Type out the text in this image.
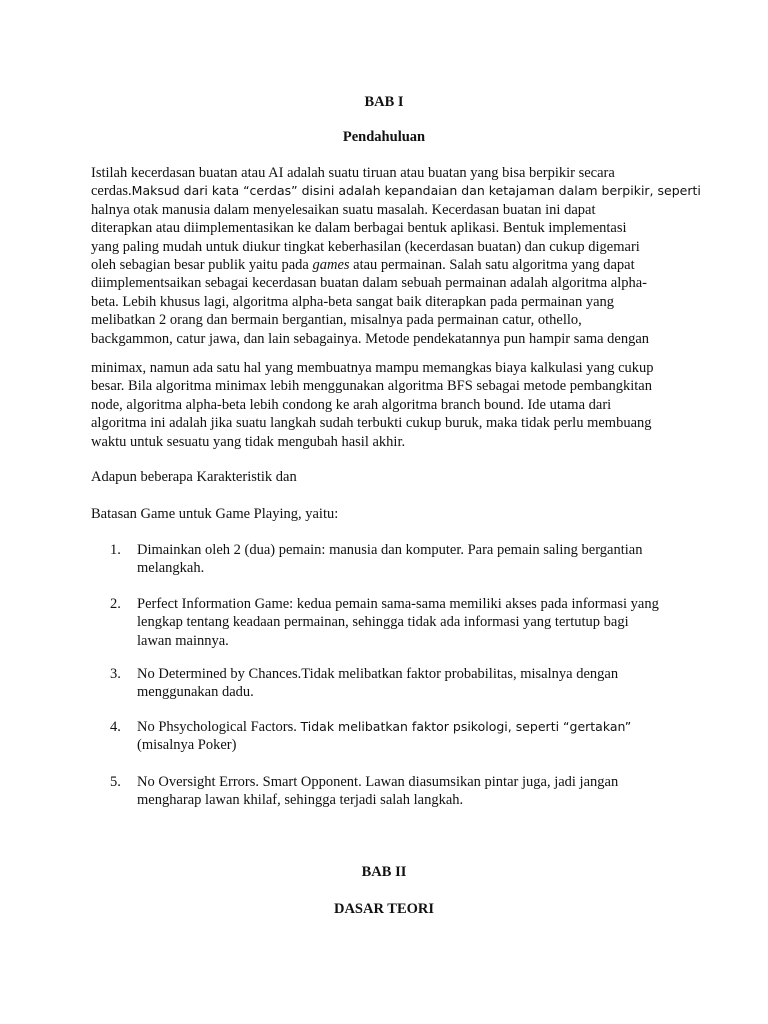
BAB I
Pendahuluan
Istilah kecerdasan buatan atau AI adalah suatu tiruan atau buatan yang bisa berpikir secara
cerdas.Maksud dari kata “cerdas” disini adalah kepandaian dan ketajaman dalam berpikir, seperti
halnya otak manusia dalam menyelesaikan suatu masalah. Kecerdasan buatan ini dapat
diterapkan atau diimplementasikan ke dalam berbagai bentuk aplikasi. Bentuk implementasi
yang paling mudah untuk diukur tingkat keberhasilan (kecerdasan buatan) dan cukup digemari
oleh sebagian besar publik yaitu pada games atau permainan. Salah satu algoritma yang dapat
diimplementsaikan sebagai kecerdasan buatan dalam sebuah permainan adalah algoritma alpha-
beta. Lebih khusus lagi, algoritma alpha-beta sangat baik diterapkan pada permainan yang
melibatkan 2 orang dan bermain bergantian, misalnya pada permainan catur, othello,
backgammon, catur jawa, dan lain sebagainya. Metode pendekatannya pun hampir sama dengan
minimax, namun ada satu hal yang membuatnya mampu memangkas biaya kalkulasi yang cukup
besar. Bila algoritma minimax lebih menggunakan algoritma BFS sebagai metode pembangkitan
node, algoritma alpha-beta lebih condong ke arah algoritma branch bound. Ide utama dari
algoritma ini adalah jika suatu langkah sudah terbukti cukup buruk, maka tidak perlu membuang
waktu untuk sesuatu yang tidak mengubah hasil akhir.

Adapun beberapa Karakteristik dan

Batasan Game untuk Game Playing, yaitu:

1.	Dimainkan oleh 2 (dua) pemain: manusia dan komputer. Para pemain saling bergantian
melangkah.
2.	Perfect Information Game: kedua pemain sama-sama memiliki akses pada informasi yang
lengkap tentang keadaan permainan, sehingga tidak ada informasi yang tertutup bagi
lawan mainnya.
3.	No Determined by Chances.Tidak melibatkan faktor probabilitas, misalnya dengan
menggunakan dadu.
4.	No Phsychological Factors. Tidak melibatkan faktor psikologi, seperti “gertakan”
(misalnya Poker)
5.	No Oversight Errors. Smart Opponent. Lawan diasumsikan pintar juga, jadi jangan
mengharap lawan khilaf, sehingga terjadi salah langkah.
BAB II
DASAR TEORI
